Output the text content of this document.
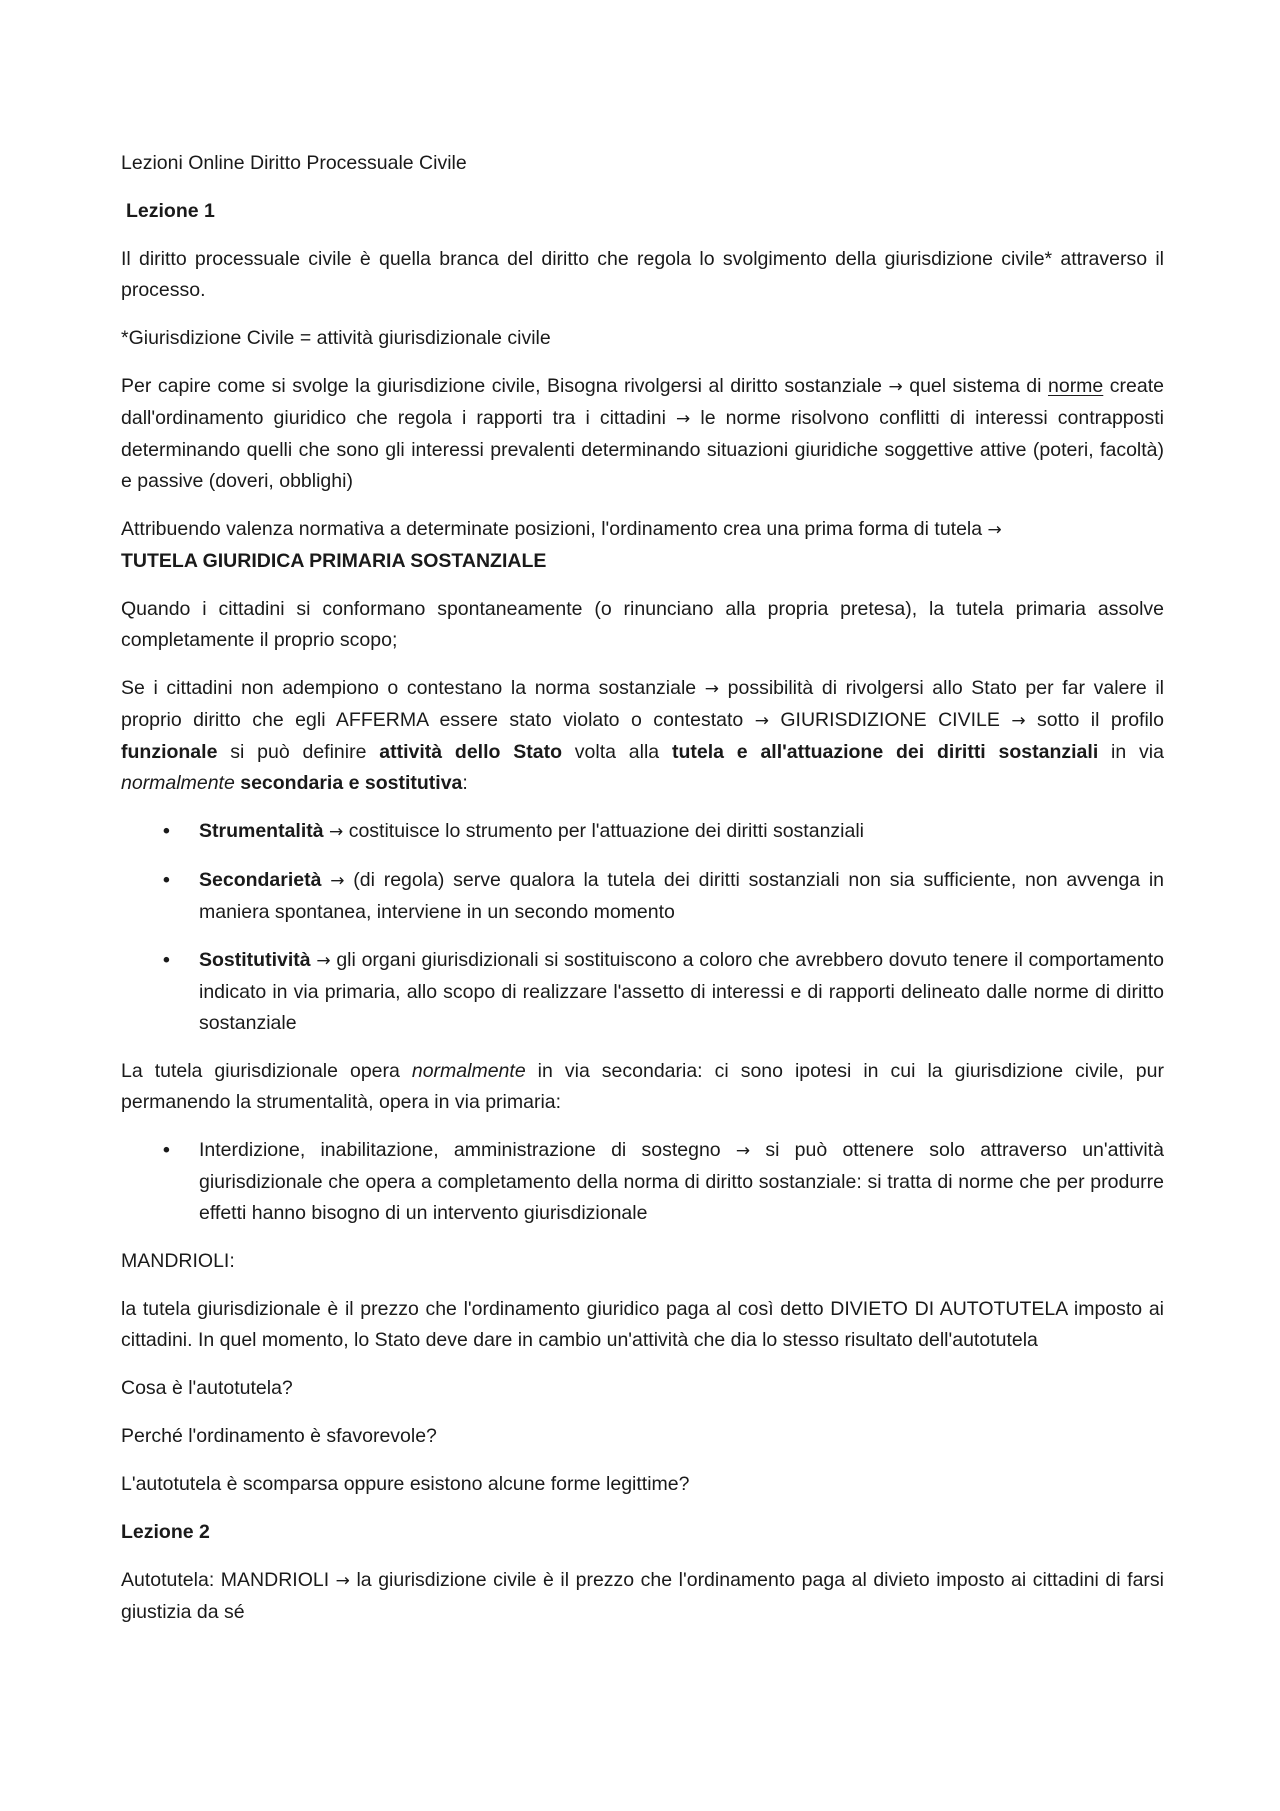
Lezioni Online Diritto Processuale Civile

Lezione 1

Il diritto processuale civile è quella branca del diritto che regola lo svolgimento della giurisdizione civile* attraverso il processo.

*Giurisdizione Civile = attività giurisdizionale civile

Per capire come si svolge la giurisdizione civile, Bisogna rivolgersi al diritto sostanziale → quel sistema di norme create dall'ordinamento giuridico che regola i rapporti tra i cittadini → le norme risolvono conflitti di interessi contrapposti determinando quelli che sono gli interessi prevalenti determinando situazioni giuridiche soggettive attive (poteri, facoltà) e passive (doveri, obblighi)

Attribuendo valenza normativa a determinate posizioni, l'ordinamento crea una prima forma di tutela →
TUTELA GIURIDICA PRIMARIA SOSTANZIALE

Quando i cittadini si conformano spontaneamente (o rinunciano alla propria pretesa), la tutela primaria assolve completamente il proprio scopo;

Se i cittadini non adempiono o contestano la norma sostanziale → possibilità di rivolgersi allo Stato per far valere il proprio diritto che egli AFFERMA essere stato violato o contestato → GIURISDIZIONE CIVILE → sotto il profilo funzionale si può definire attività dello Stato volta alla tutela e all'attuazione dei diritti sostanziali in via normalmente secondaria e sostitutiva:

• Strumentalità → costituisce lo strumento per l'attuazione dei diritti sostanziali
• Secondarietà → (di regola) serve qualora la tutela dei diritti sostanziali non sia sufficiente, non avvenga in maniera spontanea, interviene in un secondo momento
• Sostitutività → gli organi giurisdizionali si sostituiscono a coloro che avrebbero dovuto tenere il comportamento indicato in via primaria, allo scopo di realizzare l'assetto di interessi e di rapporti delineato dalle norme di diritto sostanziale

La tutela giurisdizionale opera normalmente in via secondaria: ci sono ipotesi in cui la giurisdizione civile, pur permanendo la strumentalità, opera in via primaria:

• Interdizione, inabilitazione, amministrazione di sostegno → si può ottenere solo attraverso un'attività giurisdizionale che opera a completamento della norma di diritto sostanziale: si tratta di norme che per produrre effetti hanno bisogno di un intervento giurisdizionale

MANDRIOLI:

la tutela giurisdizionale è il prezzo che l'ordinamento giuridico paga al così detto DIVIETO DI AUTOTUTELA imposto ai cittadini. In quel momento, lo Stato deve dare in cambio un'attività che dia lo stesso risultato dell'autotutela

Cosa è l'autotutela?

Perché l'ordinamento è sfavorevole?

L'autotutela è scomparsa oppure esistono alcune forme legittime?

Lezione 2

Autotutela: MANDRIOLI → la giurisdizione civile è il prezzo che l'ordinamento paga al divieto imposto ai cittadini di farsi giustizia da sé
